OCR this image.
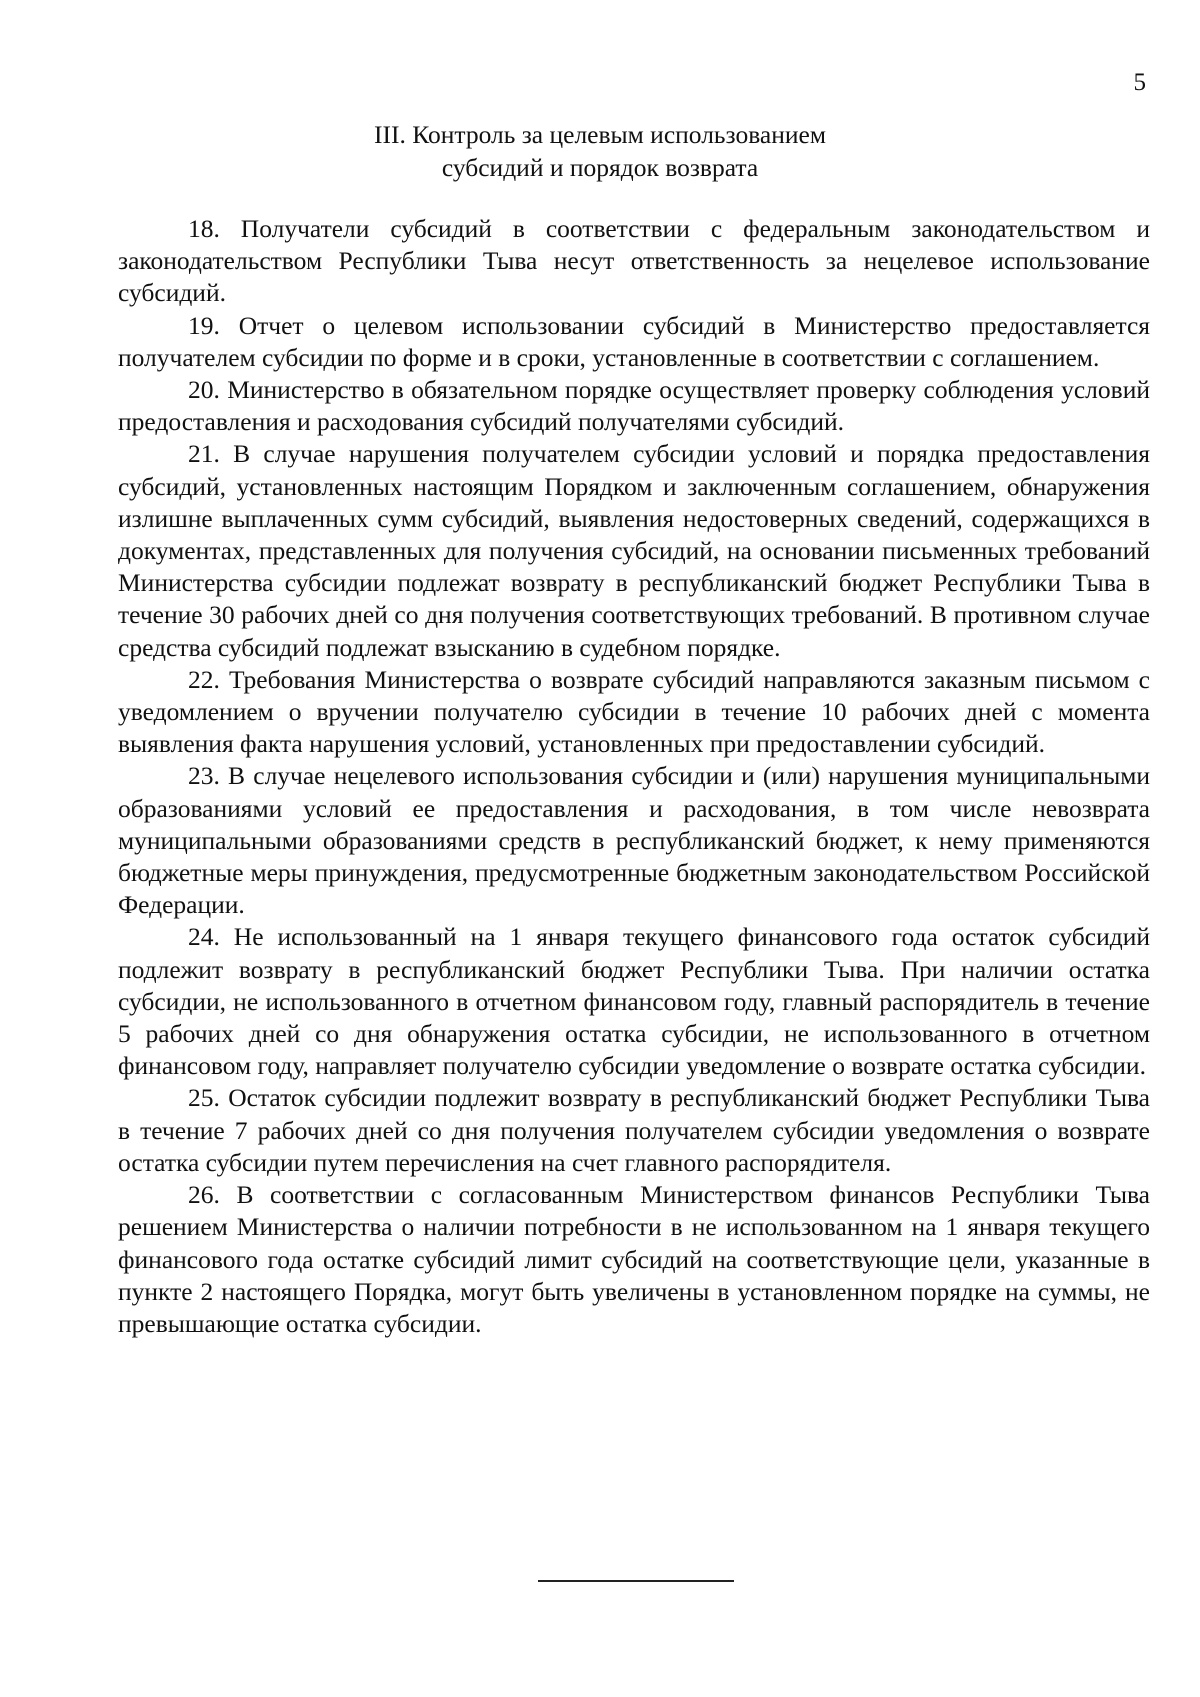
5
III. Контроль за целевым использованием
субсидий и порядок возврата

18. Получатели субсидий в соответствии с федеральным законодательством и законодательством Республики Тыва несут ответственность за нецелевое использование субсидий.

19. Отчет о целевом использовании субсидий в Министерство предоставляется получателем субсидии по форме и в сроки, установленные в соответствии с соглашением.

20. Министерство в обязательном порядке осуществляет проверку соблюдения условий предоставления и расходования субсидий получателями субсидий.

21. В случае нарушения получателем субсидии условий и порядка предоставления субсидий, установленных настоящим Порядком и заключенным соглашением, обнаружения излишне выплаченных сумм субсидий, выявления недостоверных сведений, содержащихся в документах, представленных для получения субсидий, на основании письменных требований Министерства субсидии подлежат возврату в республиканский бюджет Республики Тыва в течение 30 рабочих дней со дня получения соответствующих требований. В противном случае средства субсидий подлежат взысканию в судебном порядке.

22. Требования Министерства о возврате субсидий направляются заказным письмом с уведомлением о вручении получателю субсидии в течение 10 рабочих дней с момента выявления факта нарушения условий, установленных при предоставлении субсидий.

23. В случае нецелевого использования субсидии и (или) нарушения муниципальными образованиями условий ее предоставления и расходования, в том числе невозврата муниципальными образованиями средств в республиканский бюджет, к нему применяются бюджетные меры принуждения, предусмотренные бюджетным законодательством Российской Федерации.

24. Не использованный на 1 января текущего финансового года остаток субсидий подлежит возврату в республиканский бюджет Республики Тыва. При наличии остатка субсидии, не использованного в отчетном финансовом году, главный распорядитель в течение 5 рабочих дней со дня обнаружения остатка субсидии, не использованного в отчетном финансовом году, направляет получателю субсидии уведомление о возврате остатка субсидии.

25. Остаток субсидии подлежит возврату в республиканский бюджет Республики Тыва в течение 7 рабочих дней со дня получения получателем субсидии уведомления о возврате остатка субсидии путем перечисления на счет главного распорядителя.

26. В соответствии с согласованным Министерством финансов Республики Тыва решением Министерства о наличии потребности в не использованном на 1 января текущего финансового года остатке субсидий лимит субсидий на соответствующие цели, указанные в пункте 2 настоящего Порядка, могут быть увеличены в установленном порядке на суммы, не превышающие остатка субсидии.
